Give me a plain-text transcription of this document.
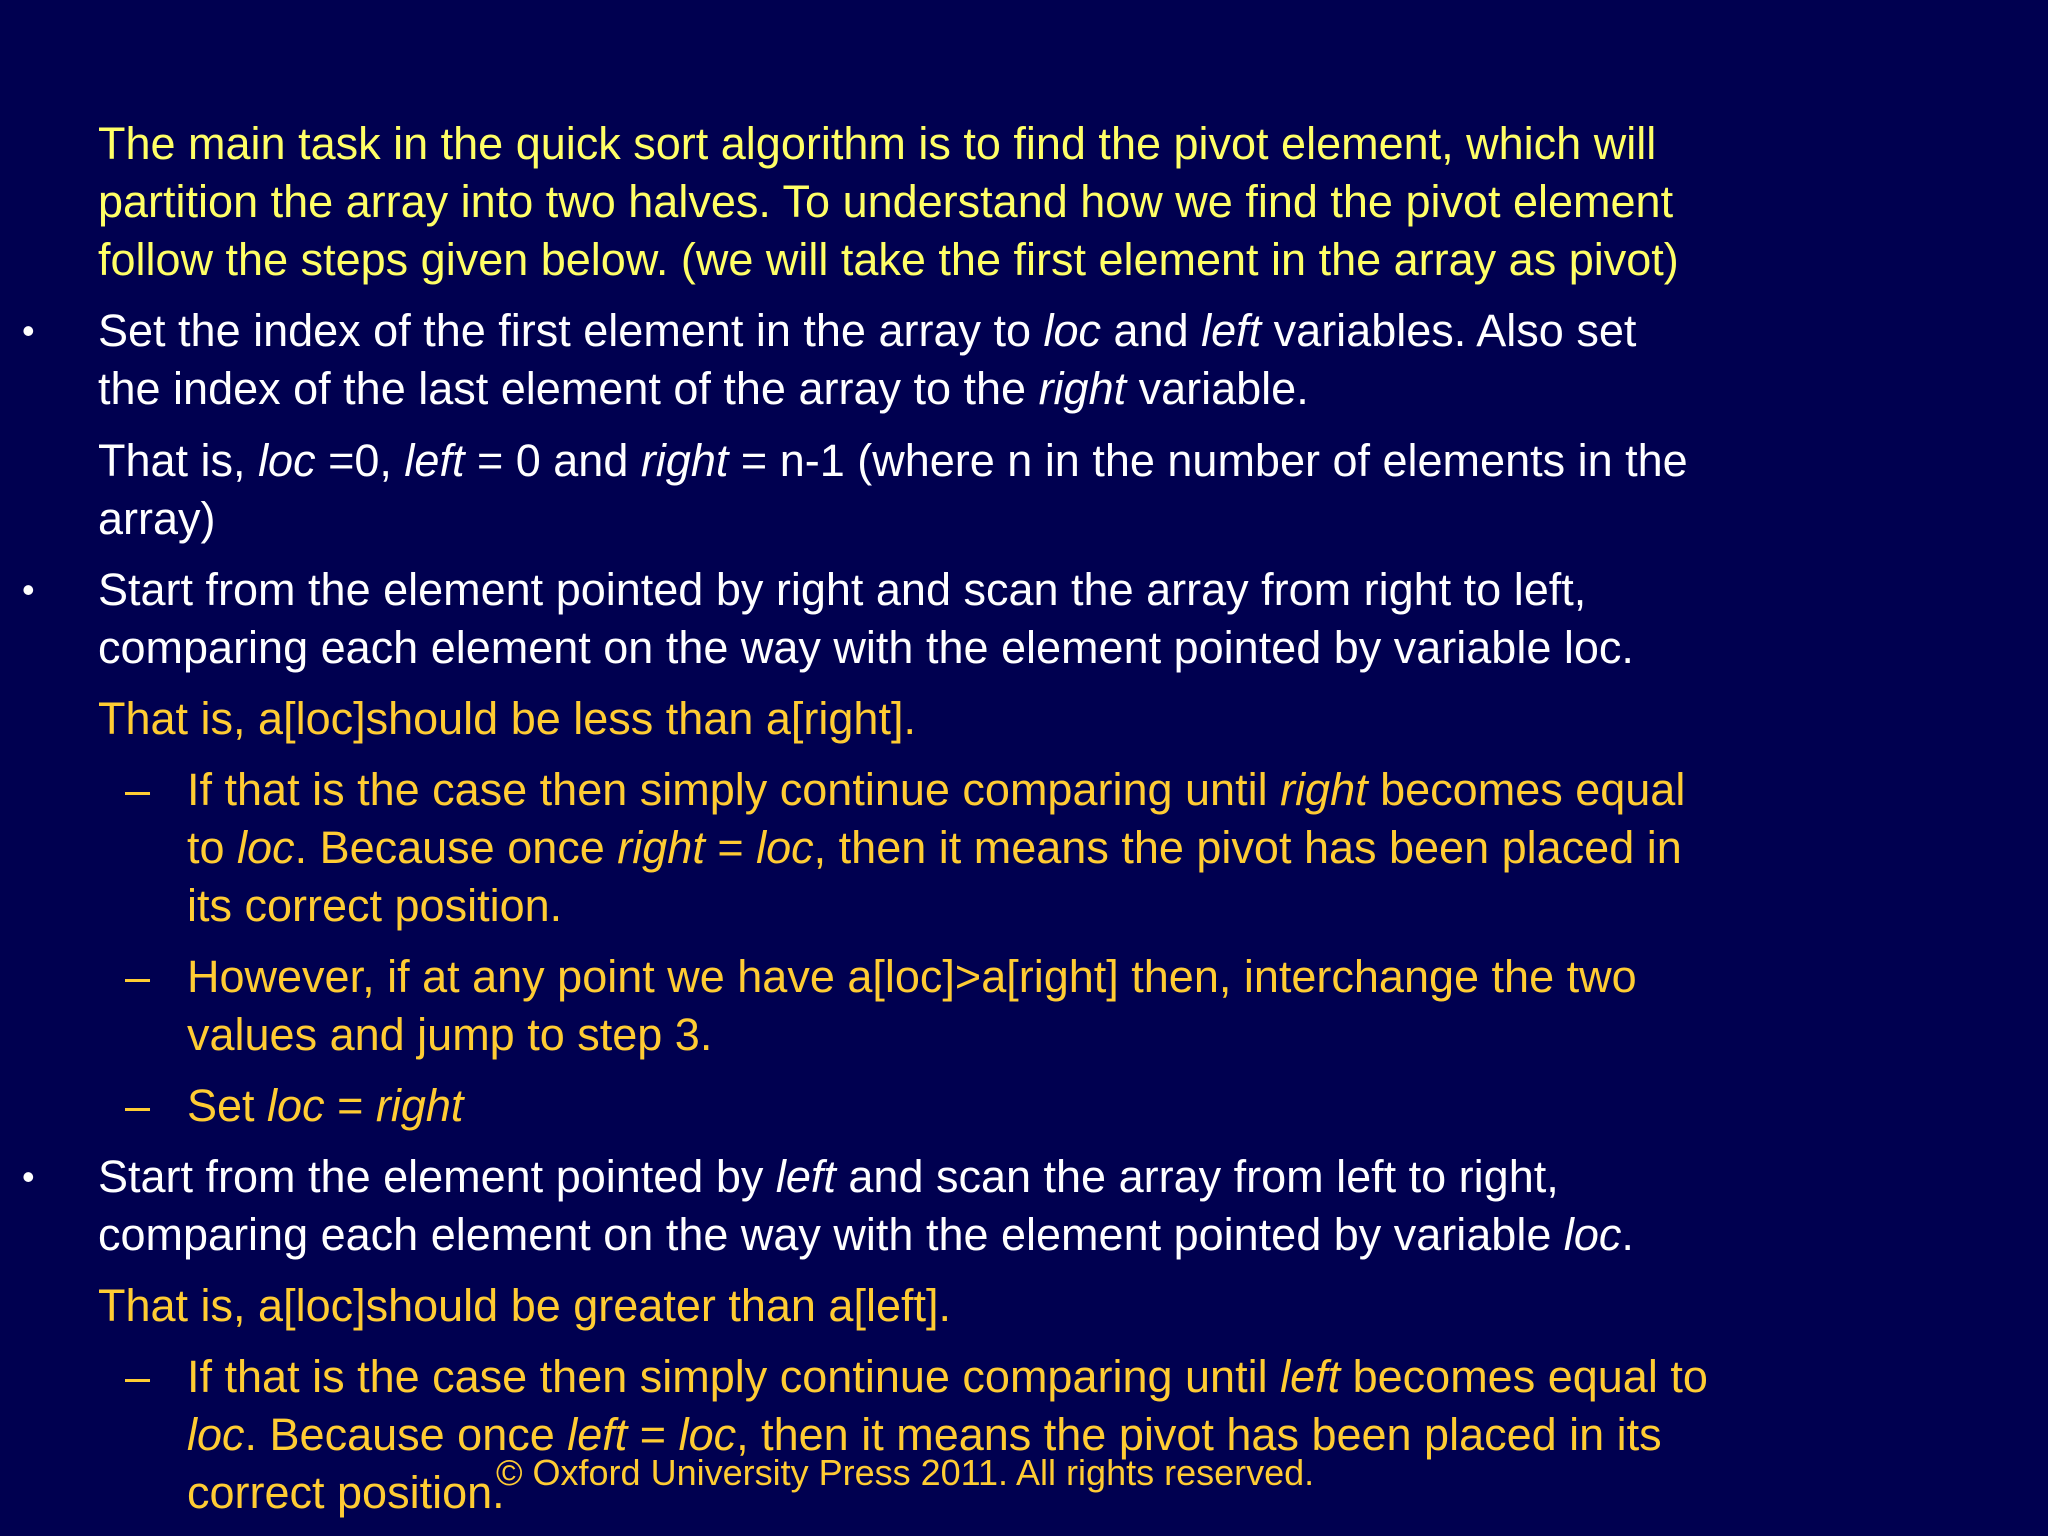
The main task in the quick sort algorithm is to find the pivot element, which will
partition the array into two halves. To understand how we find the pivot element
follow the steps given below. (we will take the first element in the array as pivot)
• Set the index of the first element in the array to loc and left variables. Also set
the index of the last element of the array to the right variable.
That is, loc =0, left = 0 and right = n-1 (where n in the number of elements in the
array)
• Start from the element pointed by right and scan the array from right to left,
comparing each element on the way with the element pointed by variable loc.
That is, a[loc]should be less than a[right].
– If that is the case then simply continue comparing until right becomes equal
to loc. Because once right = loc, then it means the pivot has been placed in
its correct position.
– However, if at any point we have a[loc]>a[right] then, interchange the two
values and jump to step 3.
– Set loc = right
• Start from the element pointed by left and scan the array from left to right,
comparing each element on the way with the element pointed by variable loc.
That is, a[loc]should be greater than a[left].
– If that is the case then simply continue comparing until left becomes equal to
loc. Because once left = loc, then it means the pivot has been placed in its
correct position.
© Oxford University Press 2011. All rights reserved.
